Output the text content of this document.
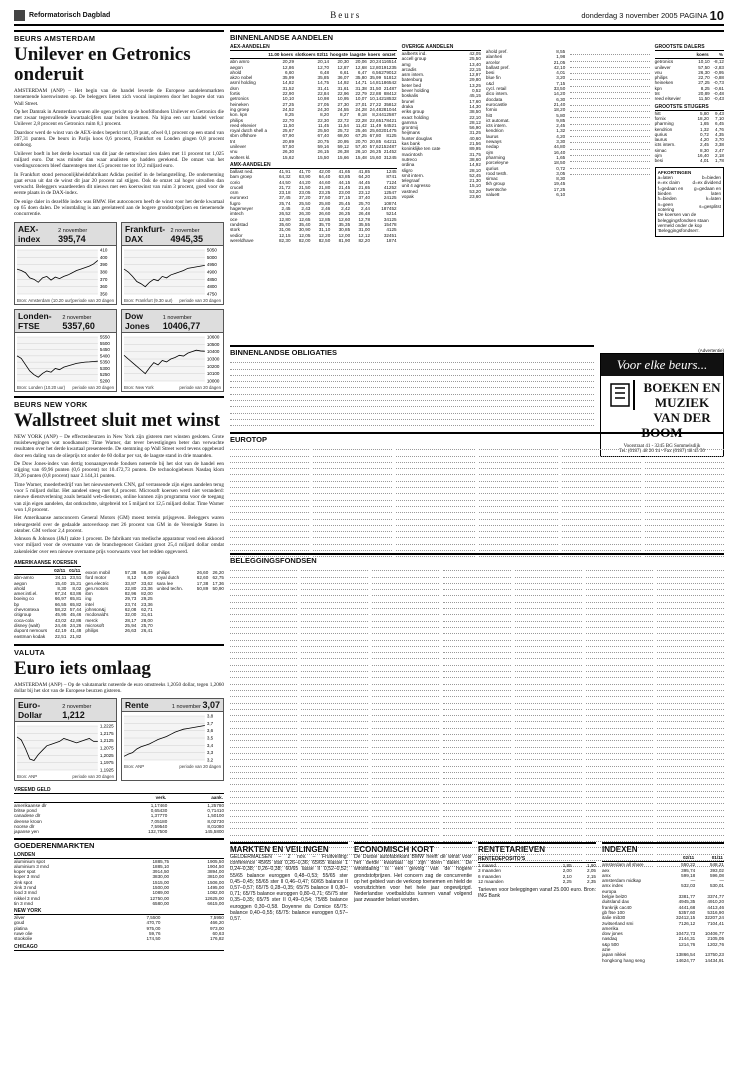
Reformatorisch Dagblad	Beurs	donderdag 3 november 2005 PAGINA 10
BEURS AMSTERDAM
Unilever en Getronics onderuit

AMSTERDAM (ANP) – Het begin van de handel leverde de Europese aandelenmarkten toenemende koerswinsten op. De beleggers lieten zich vooral inspireren door het hogere slot van Wall Street.

Op het Damrak in Amsterdam waren alle ogen gericht op de hoofdfondsen Unilever en Getronics die met zwaar tegenvallende kwartaalcijfers naar buiten kwamen. Na bijna een uur handel verloor Unilever 2,8 procent en Getronics ruim 8,1 procent.

Daardoor werd de winst van de AEX-index beperkt tot 0,39 punt, ofwel 0,1 procent op een stand van 397,31 punten. De beurs in Parijs koos 0,6 procent, Frankfurt en Londen gingen 0,8 procent omhoog.

Unilever boeft in het derde kwartaal van dit jaar de nettowinst zien dalen met 11 procent tot 1,025 miljard euro. Dat was minder dan waar analisten op hadden gerekend. De omzet van het voedingsconcern bleef daarentegen met 4,5 procent toe tot 10,2 miljard euro.

In Frankfurt stond persoonlijkheidsfabrikant Adidas positief in de belangstelling. De onderneming gaat ervan uit dat de winst dit jaar 20 procent zal stijgen. Ook de omzet zal hoger uitvallen dan verwacht. Beleggers waardeerden dit nieuws met een koerswinst van ruim 3 procent, goed voor de eerste plaats in de DAX-index.

De enige daler in dezelfde index was BMW. Het autoconcern heeft de winst voor het derde kwartaal op 65 doen dalen. De winstdaling is aan gerelateerd aan de hogere grondstofprijzen en tienemende concurrentie.

AEX-index
2 november 395,74
410
400
390
380
370
360
350
Bron: Amsterdam (10.20 uur) periode van 20 dagen
Frankfurt-DAX
2 november 4945,35
5050
5000
4950
4900
4850
4800
4750
Bron: Frankfurt (9.30 uur) periode van 20 dagen
Londen-FTSE
2 november 5357,60
5550
5500
5450
5400
5350
5300
5250
5200
Bron: Londen (10.20 uur) periode van 20 dagen
Dow Jones
1 november 10406,77
10600
10500
10400
10300
10200
10100
10000
Bron: New York	periode van 20 dagen
BEURS NEW YORK
Wallstreet sluit met winst

NEW YORK (ANP) – De effectenbeurzen in New York zijn gisteren met winsten gesloten. Grote muisbewegingen wat noodkansen: Time Warner, dat tever bevestigingen beter dan verwachte resultaten over het derde kwartaal presenteerde. De stemming op Wall Street werd tevens opgebeurd door een daling van de olieprijs tot onder de 60 dollar per vat, de laagste stand in drie maanden.

De Dow Jones-index van dertig toonaangevende fondsen noteerde bij het slot van de handel een stijging van 69,96 punten (0,6 procent) tot 10.472,73 punten. De technologiebeurs Nasdaq klom 39,26 punten (0,8 procent) naar 2.144,31 punten.

Time Warner, moederbedrijf van het nieuwsnetwerk CNN, gaf verrassende zijn eigen aandelen terug voor 5 miljard dollar. Het aandeel steeg met 8,4 procent. Microsoft koersen werd niet veranderd: nieuwe dienstverlening zoals betaald web-diensten, online kunnen zijn programma voor de toegang van zijn eigen aandelen, dat ontkrachtte, uitgebreid tot 5 miljard tot 12,5 miljard dollar. Time Warner won 1,8 procent.

Het Amerikaanse autoconcern General Motors (GM) moest terrein prijsgeven. Beleggers waren teleurgesteld over de gedaalde autoverkoop met 26 procent van GM in de Verenigde Staten in oktober. GM verloor 2,4 procent.

Johnson & Johnson (J&J) zakte 1 procent. De fabrikant van medische apparatuur vond een akkoord voor miljard voor de overname van de branchegenoot Guidant groot 25,4 miljard dollar omdat zakenleider over een nieuwe overname prijs voorwaarts voor het redden opgevoerd.

AMERIKAANSE KOERSEN
	02/11	01/11
abn-amro	24,11	23,51
aegon	15,40	15,21
ahold	8,30	8,02
amer.intl.el.	67,24	63,86
boeing co	66,97	65,81
bp	66,55	65,82
chevrontexa	58,22	57,44
citigroup	45,95	45,46
coca-cola	43,02	42,86
disney (walt)	24,46	24,26
dupont nemours	42,19	41,48
eastman kodak	22,51	21,82
exxon mobil	57,38	56,49
ford motor	8,12	8,09
gen.electric	33,87	33,62
gen.motors	22,80	23,36
ibm	82,96	82,00
ing	29,73	29,25
intel	23,74	23,36
johnson&j	62,08	62,71
mcdonald's	32,00	31,61
merck	28,17	28,00
microsoft	25,94	25,70
philips	26,63	26,41
philips	26,60	26,20
royal dutch	62,60	62,75
sara lee	17,38	17,36
united techn.	50,89	50,90
VALUTA
Euro iets omlaag

AMSTERDAM (ANP) – Op de valutamarkt noteerde de euro omstreeks 1,2050 dollar, tegen 1,2060 dollar bij het slot van de Europese beurzen gisteren.

Euro-Dollar
2 november 1,212
1,2225
1,2175
1,2125
1,2075
1,2025
1,1975
1,1925
Bron: ANP	periode van 20 dagen
Rente	1 november 3,07
3,8
3,7
3,6
3,5
3,4
3,3
3,2
Bron: ANP	periode van 20 dagen
VREEMD GELD
	verk.	aank.
amerikaanse dlr	1,17460	1,25780
britse pond	0,65430	0,71410
canadese dlr	1,37770	1,50100
deense kroon	7,05180	8,02730
noorse dlr	7,59540	8,01080
japanse yen	132,7500	145,5800
GOEDERENMARKTEN
LONDEN
aluminium spot	1885,75	1905,50
aluminium 3 mnd	1885,10	1904,50
koper spot	3914,50	3894,00
koper 3 mnd	3830,00	3810,00
zink spot	1515,00	1506,00
zink 3 mnd	1500,00	1495,00
lood 3 mnd	1089,00	1082,00
nikkel 3 mnd	12750,00	12625,00
tin 3 mnd	6580,00	6615,00
NEW YORK
zilver	7,5500	7,5950
goud	470,70	466,20
platina	975,00	973,00
ruwe olie	59,76	60,63
stookolie	174,50	176,82
CHICAGO
BINNENLANDSE AANDELEN
AEX-AANDELEN
	11.00 koers	slotkoers 02/11	hoogste	laagste	koers	omzet
abn amro	20,29	20,14	20,30	20,06	20,24	116514
aegon	12,86	12,70	12,87	12,68	12,80	191235
ahold	6,60	6,48	6,61	6,47	6,56	279012
akzo nobel	35,99	35,85	36,07	35,80	35,99	51812
asml holding	14,82	14,75	14,92	14,71	14,81	186542
dsm	31,52	31,41	31,61	31,38	31,50	21487
fortis	22,90	22,84	22,96	22,79	22,88	88412
getronics	10,10	10,98	10,95	10,07	10,14	218532
heineken	27,25	27,05	27,30	27,01	27,22	35812
ing groep	24,52	24,30	24,55	24,28	24,48	281044
kon. kpn	8,25	8,20	8,27	8,18	8,24	412587
philips	22,70	22,30	22,72	22,28	22,65	178421
reed elsevier	11,50	11,45	11,54	11,42	11,49	64521
royal dutch shell a	25,67	25,50	25,72	25,46	25,60	201475
sbm offshore	67,90	67,40	68,00	67,25	67,80	8125
tnt	20,89	20,75	20,95	20,70	20,85	64211
unilever	57,50	59,16	59,12	57,40	57,62	152487
vnu	26,30	26,15	26,38	26,10	26,25	21452
wolters kl.	15,62	15,50	15,66	15,48	15,60	31245
AMX-AANDELEN
ballast ned.	41,91	41,70	42,00	41,65	41,85	1245
bam groep	64,32	63,90	64,40	63,85	64,20	8741
corio	44,50	44,20	44,60	44,15	44,45	7124
crucell	21,72	21,50	21,80	21,45	21,65	41252
csm	23,18	23,05	23,25	23,00	23,12	12547
euronext	37,45	37,20	37,50	37,15	37,40	24125
fugro	25,74	25,50	25,80	25,45	25,70	10874
hagemeyer	2,45	2,43	2,46	2,42	2,44	187452
imtech	26,52	26,30	26,60	26,25	26,48	5214
oce	12,80	12,65	12,85	12,60	12,78	34125
randstad	35,60	35,40	35,70	35,35	35,55	15478
stork	31,06	30,90	31,10	30,85	31,00	4125
vedior	12,15	12,05	12,20	12,00	12,12	32451
wereldhave	82,30	82,00	82,50	81,90	82,20	1874
OVERIGE AANDELEN
aalberts ind.	42,05
accell group	25,50
amg	13,40
arcadis	22,15
asm intern.	12,97
batenburg	29,80
beter bed	13,25
bever holding	0,52
boskalis	45,15
brunel	17,60
draka	14,30
eriks group	38,50
exact holding	22,10
gamma	28,12
grontmij	56,90
heijmans	31,25
hunter douglas	40,60
kas bank	21,56
koninklijke ten cate	89,95
macintosh	31,75
nutreco	38,60
ordina	14,92
sligro	28,10
smit intern.	52,45
telegraaf	21,30
unit 4 agresso	15,10
vastned	53,20
vopak	23,60
ahold pref.	8,55
alanheri	1,98
arcelor	21,05
ballast pref.	42,10
besi	4,01
blue fin	3,20
c&d	7,15
cycl. retail	33,50
dico intern.	14,20
docdata	6,30
eurocastle	21,40
fornix	18,20
hitt	5,80
ict automat.	9,85
icts intern.	2,45
kendrion	1,32
laurus	4,20
neways	3,30
nedap	44,80
ojm	16,40
pharming	1,65
porceleyne	18,50
qurius	0,72
rood testh.	3,05
simac	8,30
tkh group	19,45
twentsche	17,25
value8	6,10
GROOTSTE DALERS
	koers	%
getronics	10,10	-8,12
unilever	57,50	-2,83
vnu	26,30	-0,95
philips	22,70	-0,88
heineken	27,25	-0,73
kpn	8,25	-0,61
tnt	20,89	-0,48
reed elsevier	11,50	-0,43
GROOTSTE STIJGERS
hitt	5,80	9,43
fornix	18,20	7,10
pharming	1,65	6,45
kendrion	1,32	4,76
qurius	0,72	4,35
laurus	4,20	3,70
icts intern.	2,45	3,38
simac	8,30	2,47
ojm	16,40	2,18
besi	4,01	1,78
AFKORTINGEN
a=laten	b=bieden
e=ex claim	d=ex dividend
f=gedaan en bieden	g=gedaan en laten
h=bieden	k=laten
n=geen notering	s=gesplitst
De koersen van de beleggingsfondsen staan vermeld onder de kop 'Beleggingsfondsen'.
BINNENLANDSE OBLIGATIES	(Advertentie)
Voor elke beurs...
BOEKEN EN MUZIEK
VAN DER BOOM
Voorstraat 41 - 3245 BG Sommelsdijk
Tel. (0187) 48 26 14 - Fax (0187) 48 45 50
EUROTOP
BELEGGINGSFONDSEN
MARKTEN EN VEILINGEN
GELDERMALSEN – 2 nov. – Fruitveiling: conference 45/65 stat 0,26–0,36; 65/65 klasse 1 0,24–0,38; 0,26–0,38; 60/65 lasse II 0,52–0,52; 55/65 balance euroggen 0,48–0,53; 55/65 ster 0,45–0,45; 55/65 ster II 0,46–0,47; 60/65 balance II 0,57–0,57; 65/75 0,28–0,35; 65/75 balance II 0,80–0,71; 65/75 balance euroggen 0,80–0,71; 65/75 ster 0,35–0,35; 65/75 ster II 0,49–0,54; 75/85 balance euroggen 0,30–0,58. Doyenne du Comice 65/75: balance 0,40–0,55; 65/75: balance euroggen 0,57–0,57.
ECONOMISCH KORT
De Duitse autofabrikant BMW heeft de winst voor het derde kwartaal op zijn doen dalen. De winstdaling is een gevolg van de hogere grondstofprijzen. Het concern zag de concurrentie op het gebied van de verkoop toenemen en hield de vooruitzichten voor het hele jaar ongewijzigd. Nederlandse voetbalclubs kunnen vanaf volgend jaar zwaarder belast worden.
RENTETARIEVEN
RENTEDEPOSITO'S
1 maand	1,85	1,90
3 maanden	2,00	2,05
6 maanden	2,10	2,15
12 maanden	2,25	2,35
Tarieven voor beleggingen vanaf 25.000 euro. Bron: ING Bank
INDEXEN
	02/11	01/11
amsterdam all share	550,22	548,21
aex	395,74	393,02
amx	599,18	596,08
amsterdam midkap	—	—
amx index	532,03	530,01
europa		
belgie bel20	3381,77	3374,77
duitsland dax	4945,35	4910,20
frankrijk cac40	4441,68	4413,46
gb ftse 100	5357,60	5316,90
italie mib30	32412,15	32207,24
zwitserland smi	7126,12	7104,41
amerika		
dow jones	10472,73	10406,77
nasdaq	2144,31	2105,05
s&p 500	1214,76	1202,76
azie		
japan nikkei	13866,54	13750,23
hongkong hang seng	14624,77	14434,91
